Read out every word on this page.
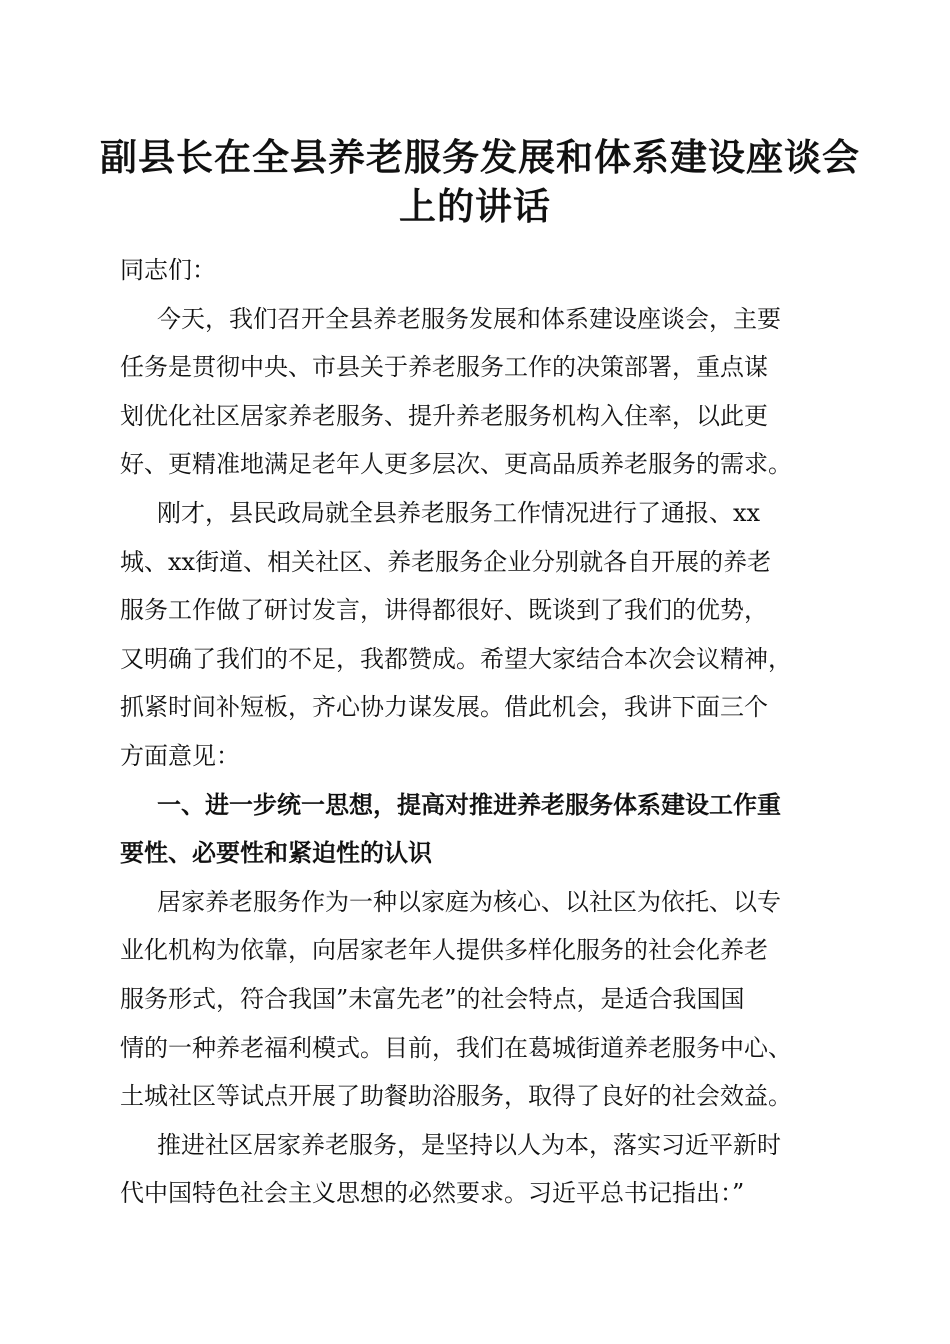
副县长在全县养老服务发展和体系建设座谈会
上的讲话
同志们：
今天，我们召开全县养老服务发展和体系建设座谈会，主要
任务是贯彻中央、市县关于养老服务工作的决策部署，重点谋
划优化社区居家养老服务、提升养老服务机构入住率，以此更
好、更精准地满足老年人更多层次、更高品质养老服务的需求。
刚才，县民政局就全县养老服务工作情况进行了通报、xx
城、xx街道、相关社区、养老服务企业分别就各自开展的养老
服务工作做了研讨发言，讲得都很好、既谈到了我们的优势，
又明确了我们的不足，我都赞成。希望大家结合本次会议精神，
抓紧时间补短板，齐心协力谋发展。借此机会，我讲下面三个
方面意见：
一、进一步统一思想，提高对推进养老服务体系建设工作重
要性、必要性和紧迫性的认识
居家养老服务作为一种以家庭为核心、以社区为依托、以专
业化机构为依靠，向居家老年人提供多样化服务的社会化养老
服务形式，符合我国”未富先老”的社会特点，是适合我国国
情的一种养老福利模式。目前，我们在葛城街道养老服务中心、
土城社区等试点开展了助餐助浴服务，取得了良好的社会效益。
推进社区居家养老服务，是坚持以人为本，落实习近平新时
代中国特色社会主义思想的必然要求。习近平总书记指出：”
